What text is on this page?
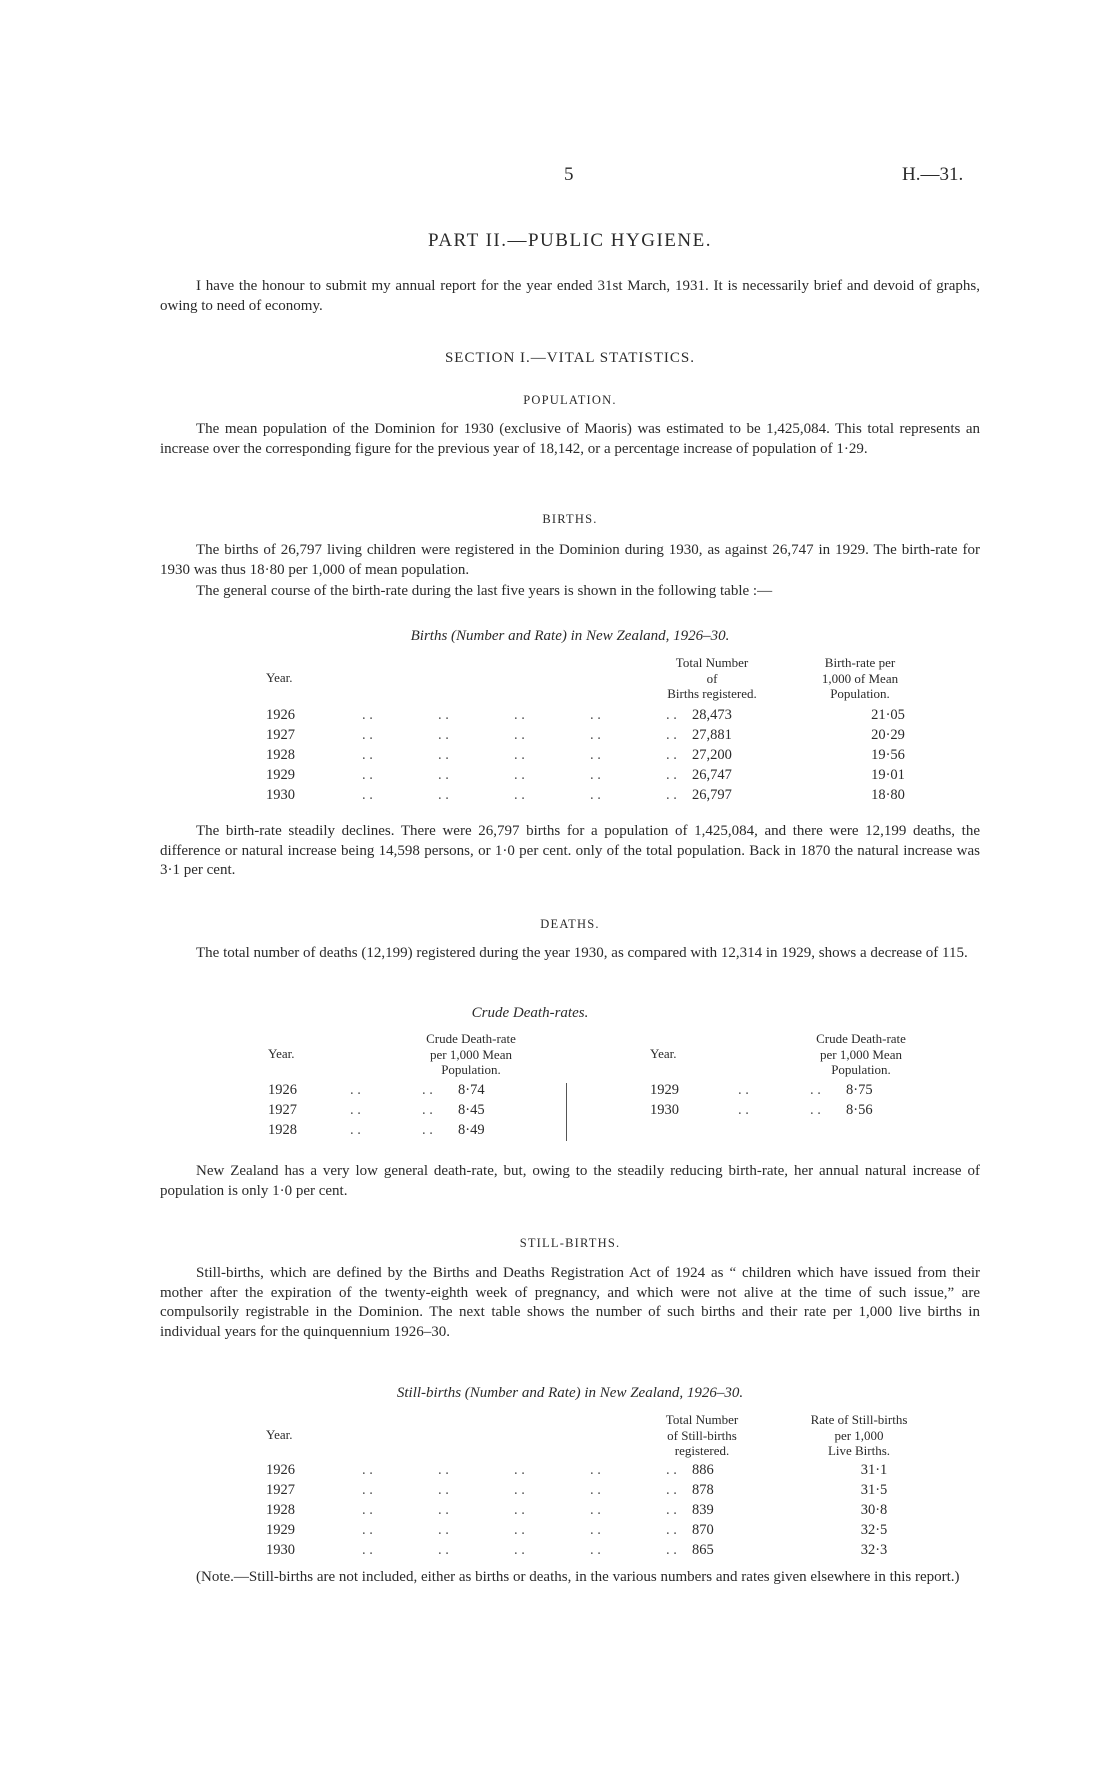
5	H.—31.
PART II.—PUBLIC HYGIENE.

I have the honour to submit my annual report for the year ended 31st March, 1931. It is necessarily brief and devoid of graphs, owing to need of economy.

SECTION I.—VITAL STATISTICS.
POPULATION.

The mean population of the Dominion for 1930 (exclusive of Maoris) was estimated to be 1,425,084. This total represents an increase over the corresponding figure for the previous year of 18,142, or a percentage increase of population of 1·29.

BIRTHS.

The births of 26,797 living children were registered in the Dominion during 1930, as against 26,747 in 1929. The birth-rate for 1930 was thus 18·80 per 1,000 of mean population.

The general course of the birth-rate during the last five years is shown in the following table :—

Births (Number and Rate) in New Zealand, 1926–30.
Year.
Total Number
of
Births registered.
Birth-rate per
1,000 of Mean
Population.
1926	. .	. .	. .	. .	. .	28,473	21·05
1927	. .	. .	. .	. .	. .	27,881	20·29
1928	. .	. .	. .	. .	. .	27,200	19·56
1929	. .	. .	. .	. .	. .	26,747	19·01
1930	. .	. .	. .	. .	. .	26,797	18·80

The birth-rate steadily declines. There were 26,797 births for a population of 1,425,084, and there were 12,199 deaths, the difference or natural increase being 14,598 persons, or 1·0 per cent. only of the total population. Back in 1870 the natural increase was 3·1 per cent.

DEATHS.

The total number of deaths (12,199) registered during the year 1930, as compared with 12,314 in 1929, shows a decrease of 115.

Crude Death-rates.
Year.
Crude Death-rate
per 1,000 Mean
Population.
Year.
Crude Death-rate
per 1,000 Mean
Population.
1926	. .	. . 8·74
1927	. .	. . 8·45
1928	. .	. . 8·49
1929	. .	. . 8·75
1930	. .	. . 8·56

New Zealand has a very low general death-rate, but, owing to the steadily reducing birth-rate, her annual natural increase of population is only 1·0 per cent.

STILL-BIRTHS.

Still-births, which are defined by the Births and Deaths Registration Act of 1924 as “ children which have issued from their mother after the expiration of the twenty-eighth week of pregnancy, and which were not alive at the time of such issue,” are compulsorily registrable in the Dominion. The next table shows the number of such births and their rate per 1,000 live births in individual years for the quinquennium 1926–30.

Still-births (Number and Rate) in New Zealand, 1926–30.
Year.
Total Number
of Still-births
registered.
Rate of Still-births
per 1,000
Live Births.
1926	. .	. .	. .	. .	. .	886	31·1
1927	. .	. .	. .	. .	. .	878	31·5
1928	. .	. .	. .	. .	. .	839	30·8
1929	. .	. .	. .	. .	. .	870	32·5
1930	. .	. .	. .	. .	. .	865	32·3

(Note.—Still-births are not included, either as births or deaths, in the various numbers and rates given elsewhere in this report.)
